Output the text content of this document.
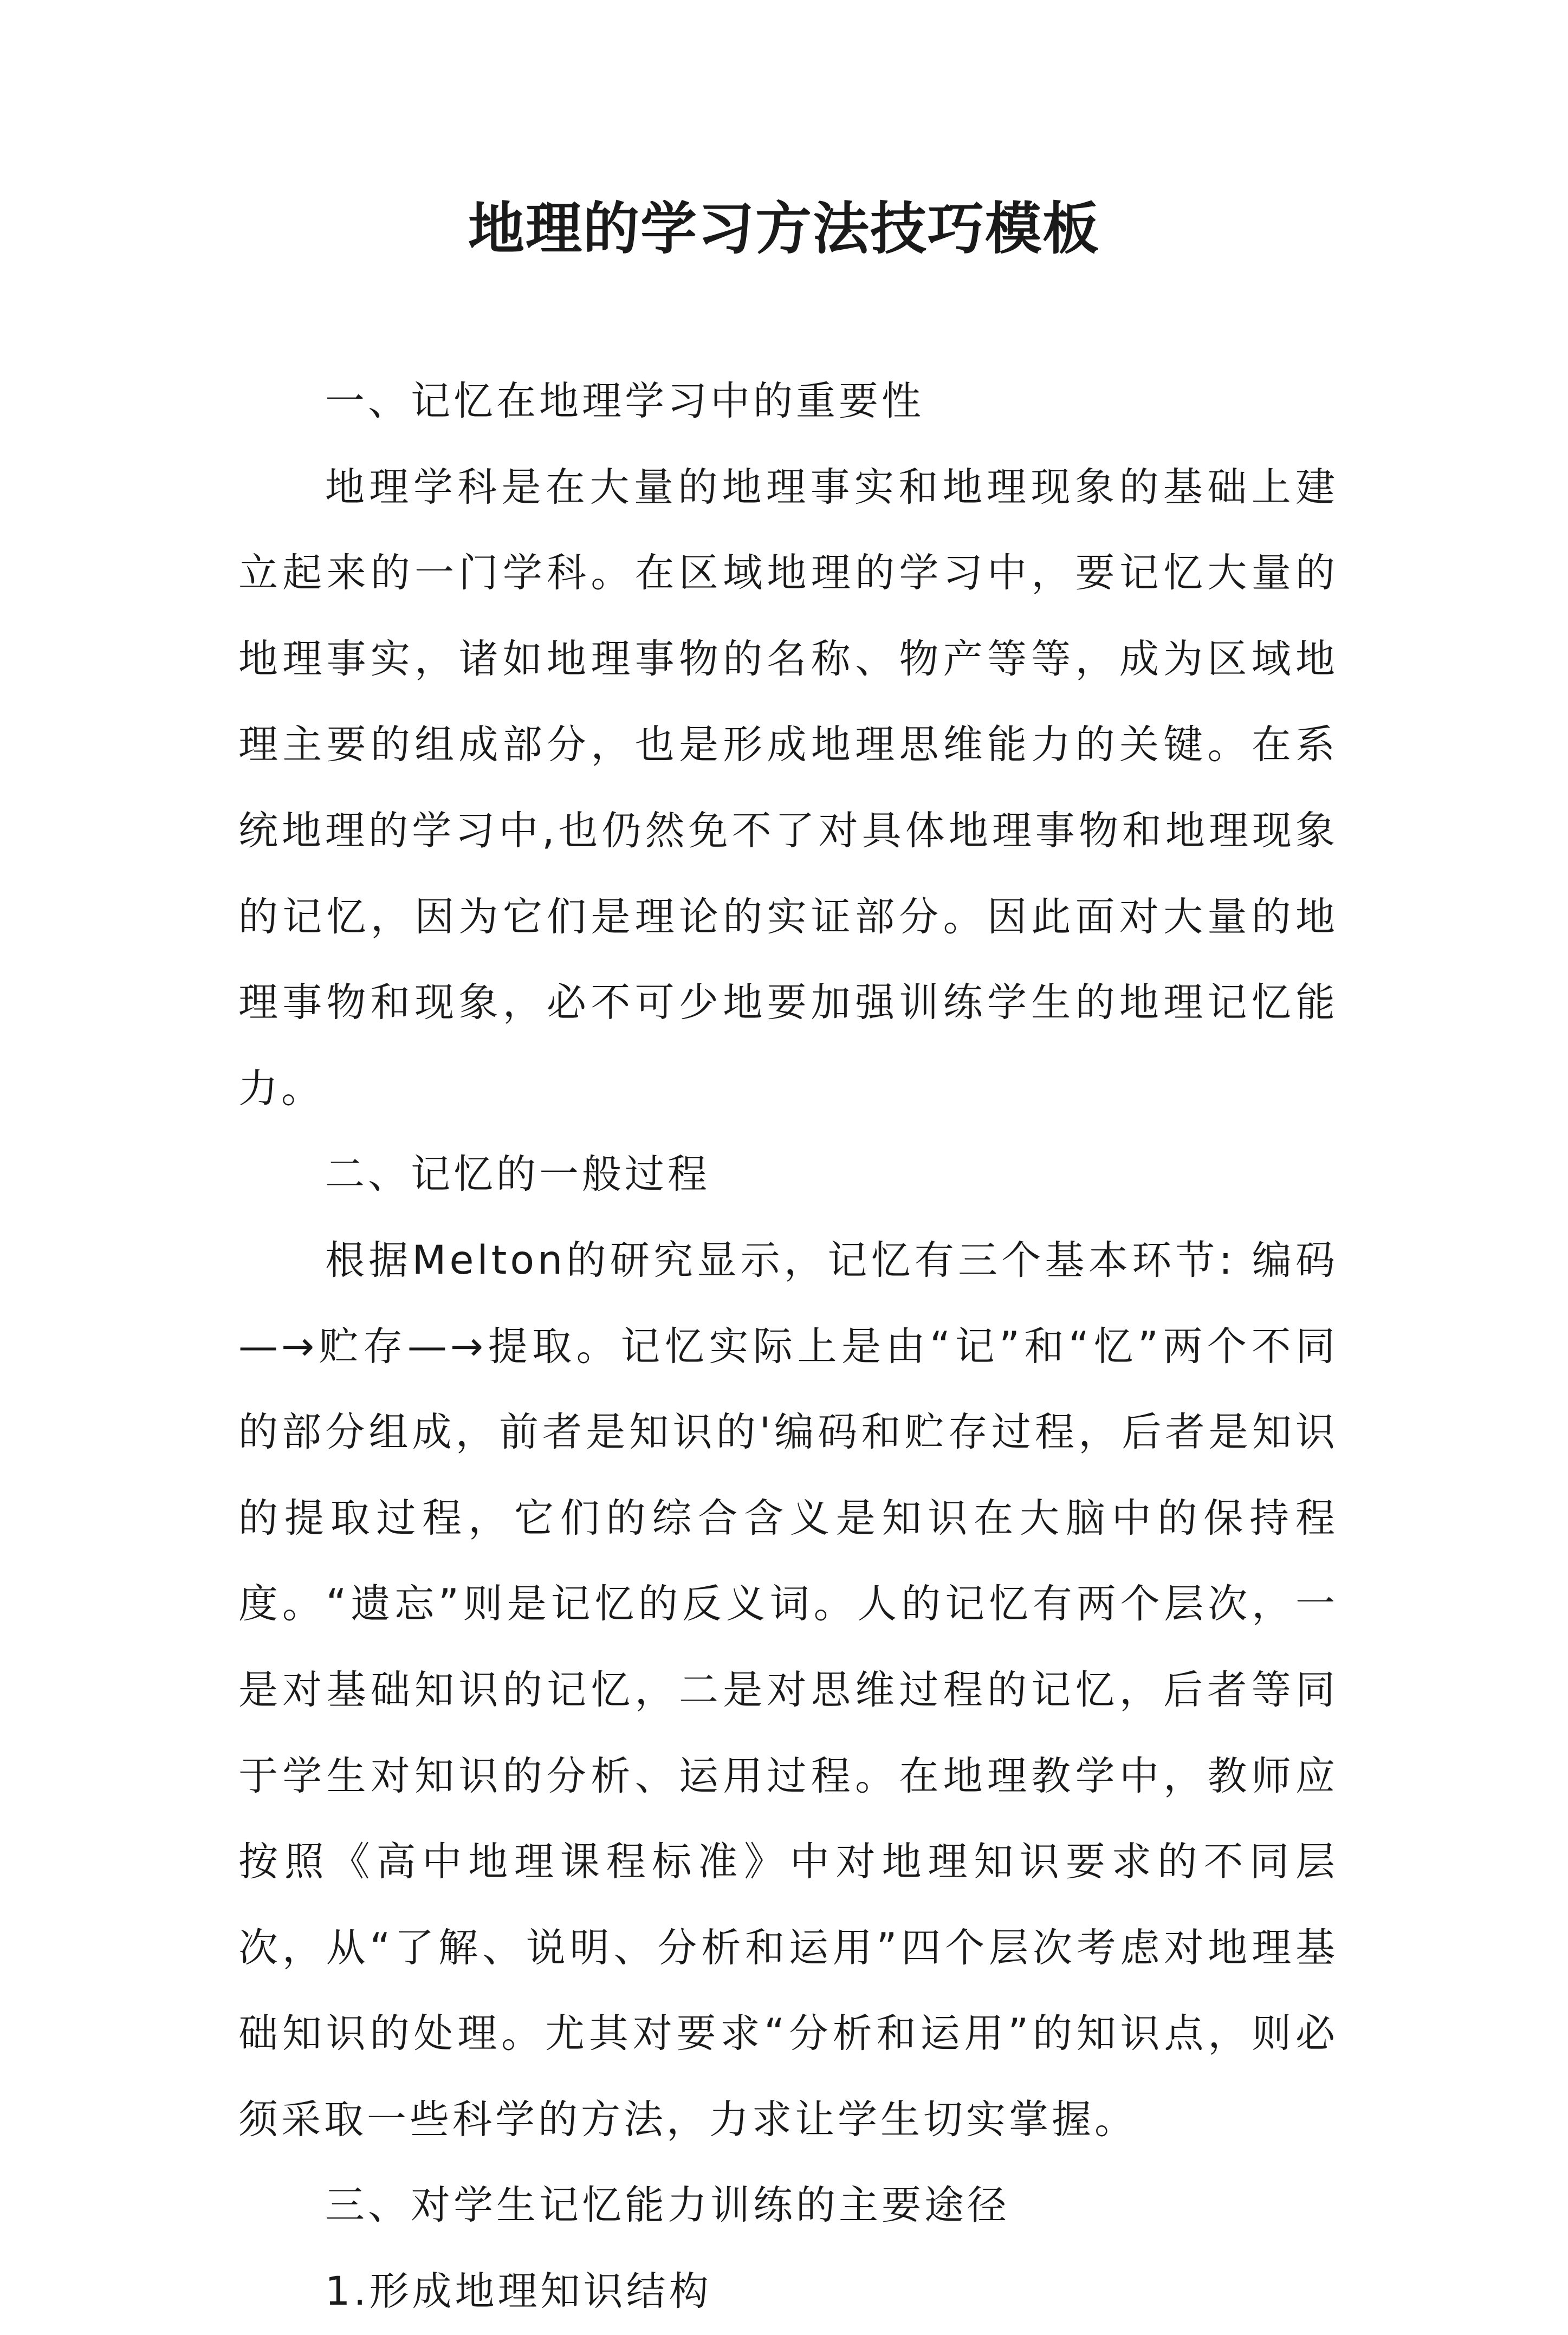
地理的学习方法技巧模板

一、记忆在地理学习中的重要性

地理学科是在大量的地理事实和地理现象的基础上建立起来的一门学科。在区域地理的学习中，要记忆大量的地理事实，诸如地理事物的名称、物产等等，成为区域地理主要的组成部分，也是形成地理思维能力的关键。在系统地理的学习中,也仍然免不了对具体地理事物和地理现象的记忆，因为它们是理论的实证部分。因此面对大量的地理事物和现象，必不可少地要加强训练学生的地理记忆能力。

二、记忆的一般过程

根据Melton的研究显示，记忆有三个基本环节: 编码—→贮存—→提取。记忆实际上是由“记”和“忆”两个不同的部分组成，前者是知识的'编码和贮存过程，后者是知识的提取过程，它们的综合含义是知识在大脑中的保持程度。“遗忘”则是记忆的反义词。人的记忆有两个层次，一是对基础知识的记忆，二是对思维过程的记忆，后者等同于学生对知识的分析、运用过程。在地理教学中，教师应按照《高中地理课程标准》中对地理知识要求的不同层次，从“了解、说明、分析和运用”四个层次考虑对地理基础知识的处理。尤其对要求“分析和运用”的知识点，则必须采取一些科学的方法，力求让学生切实掌握。

三、对学生记忆能力训练的主要途径

1.形成地理知识结构
